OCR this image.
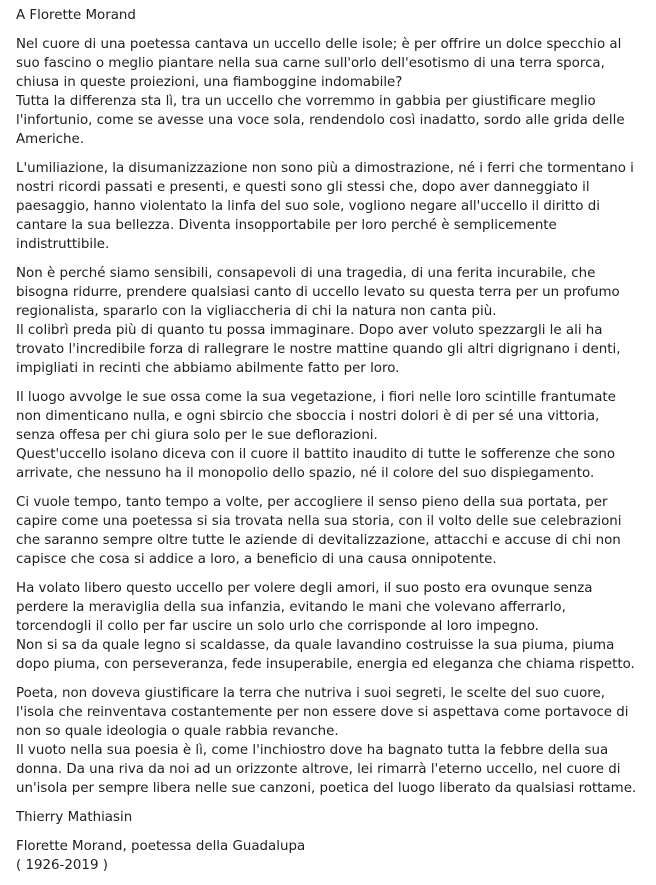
A Florette Morand

Nel cuore di una poetessa cantava un uccello delle isole; è per offrire un dolce specchio al suo fascino o meglio piantare nella sua carne sull'orlo dell'esotismo di una terra sporca, chiusa in queste proiezioni, una fiamboggine indomabile?
Tutta la differenza sta lì, tra un uccello che vorremmo in gabbia per giustificare meglio l'infortunio, come se avesse una voce sola, rendendolo così inadatto, sordo alle grida delle Americhe.

L'umiliazione, la disumanizzazione non sono più a dimostrazione, né i ferri che tormentano i nostri ricordi passati e presenti, e questi sono gli stessi che, dopo aver danneggiato il paesaggio, hanno violentato la linfa del suo sole, vogliono negare all'uccello il diritto di cantare la sua bellezza. Diventa insopportabile per loro perché è semplicemente indistruttibile.

Non è perché siamo sensibili, consapevoli di una tragedia, di una ferita incurabile, che bisogna ridurre, prendere qualsiasi canto di uccello levato su questa terra per un profumo regionalista, spararlo con la vigliaccheria di chi la natura non canta più.
Il colibrì preda più di quanto tu possa immaginare. Dopo aver voluto spezzargli le ali ha trovato l'incredibile forza di rallegrare le nostre mattine quando gli altri digrignano i denti, impigliati in recinti che abbiamo abilmente fatto per loro.

Il luogo avvolge le sue ossa come la sua vegetazione, i fiori nelle loro scintille frantumate non dimenticano nulla, e ogni sbircio che sboccia i nostri dolori è di per sé una vittoria, senza offesa per chi giura solo per le sue deflorazioni.
Quest'uccello isolano diceva con il cuore il battito inaudito di tutte le sofferenze che sono arrivate, che nessuno ha il monopolio dello spazio, né il colore del suo dispiegamento.

Ci vuole tempo, tanto tempo a volte, per accogliere il senso pieno della sua portata, per capire come una poetessa si sia trovata nella sua storia, con il volto delle sue celebrazioni che saranno sempre oltre tutte le aziende di devitalizzazione, attacchi e accuse di chi non capisce che cosa si addice a loro, a beneficio di una causa onnipotente.

Ha volato libero questo uccello per volere degli amori, il suo posto era ovunque senza perdere la meraviglia della sua infanzia, evitando le mani che volevano afferrarlo, torcendogli il collo per far uscire un solo urlo che corrisponde al loro impegno.
Non si sa da quale legno si scaldasse, da quale lavandino costruisse la sua piuma, piuma dopo piuma, con perseveranza, fede insuperabile, energia ed eleganza che chiama rispetto.

Poeta, non doveva giustificare la terra che nutriva i suoi segreti, le scelte del suo cuore, l'isola che reinventava costantemente per non essere dove si aspettava come portavoce di non so quale ideologia o quale rabbia revanche.
Il vuoto nella sua poesia è lì, come l'inchiostro dove ha bagnato tutta la febbre della sua donna. Da una riva da noi ad un orizzonte altrove, lei rimarrà l'eterno uccello, nel cuore di un'isola per sempre libera nelle sue canzoni, poetica del luogo liberato da qualsiasi rottame.

Thierry Mathiasin

Florette Morand, poetessa della Guadalupa
( 1926-2019 )
